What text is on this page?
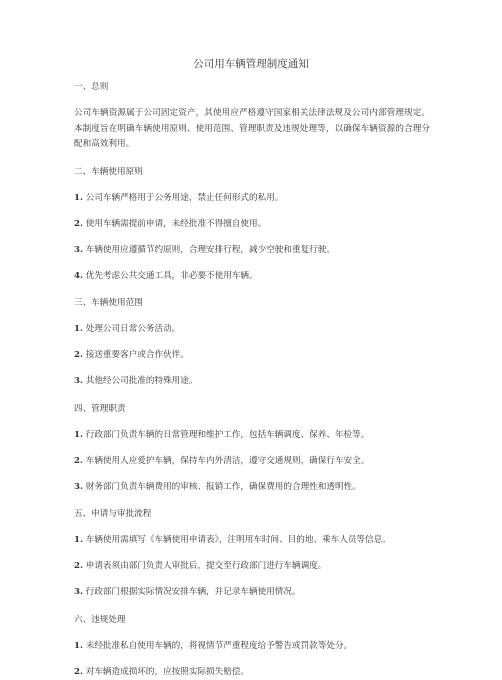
公司用车辆管理制度通知
一、总则
公司车辆资源属于公司固定资产，其使用应严格遵守国家相关法律法规及公司内部管理规定。本制度旨在明确车辆使用原则、使用范围、管理职责及违规处理等，以确保车辆资源的合理分配和高效利用。
二、车辆使用原则
1. 公司车辆严格用于公务用途，禁止任何形式的私用。
2. 使用车辆需提前申请，未经批准不得擅自使用。
3. 车辆使用应遵循节约原则，合理安排行程，减少空驶和重复行驶。
4. 优先考虑公共交通工具，非必要不使用车辆。
三、车辆使用范围
1. 处理公司日常公务活动。
2. 接送重要客户或合作伙伴。
3. 其他经公司批准的特殊用途。
四、管理职责
1. 行政部门负责车辆的日常管理和维护工作，包括车辆调度、保养、年检等。
2. 车辆使用人应爱护车辆，保持车内外清洁，遵守交通规则，确保行车安全。
3. 财务部门负责车辆费用的审核、报销工作，确保费用的合理性和透明性。
五、申请与审批流程
1. 车辆使用需填写《车辆使用申请表》，注明用车时间、目的地、乘车人员等信息。
2. 申请表须由部门负责人审批后，提交至行政部门进行车辆调度。
3. 行政部门根据实际情况安排车辆，并记录车辆使用情况。
六、违规处理
1. 未经批准私自使用车辆的，将视情节严重程度给予警告或罚款等处分。
2. 对车辆造成损坏的，应按照实际损失赔偿。
